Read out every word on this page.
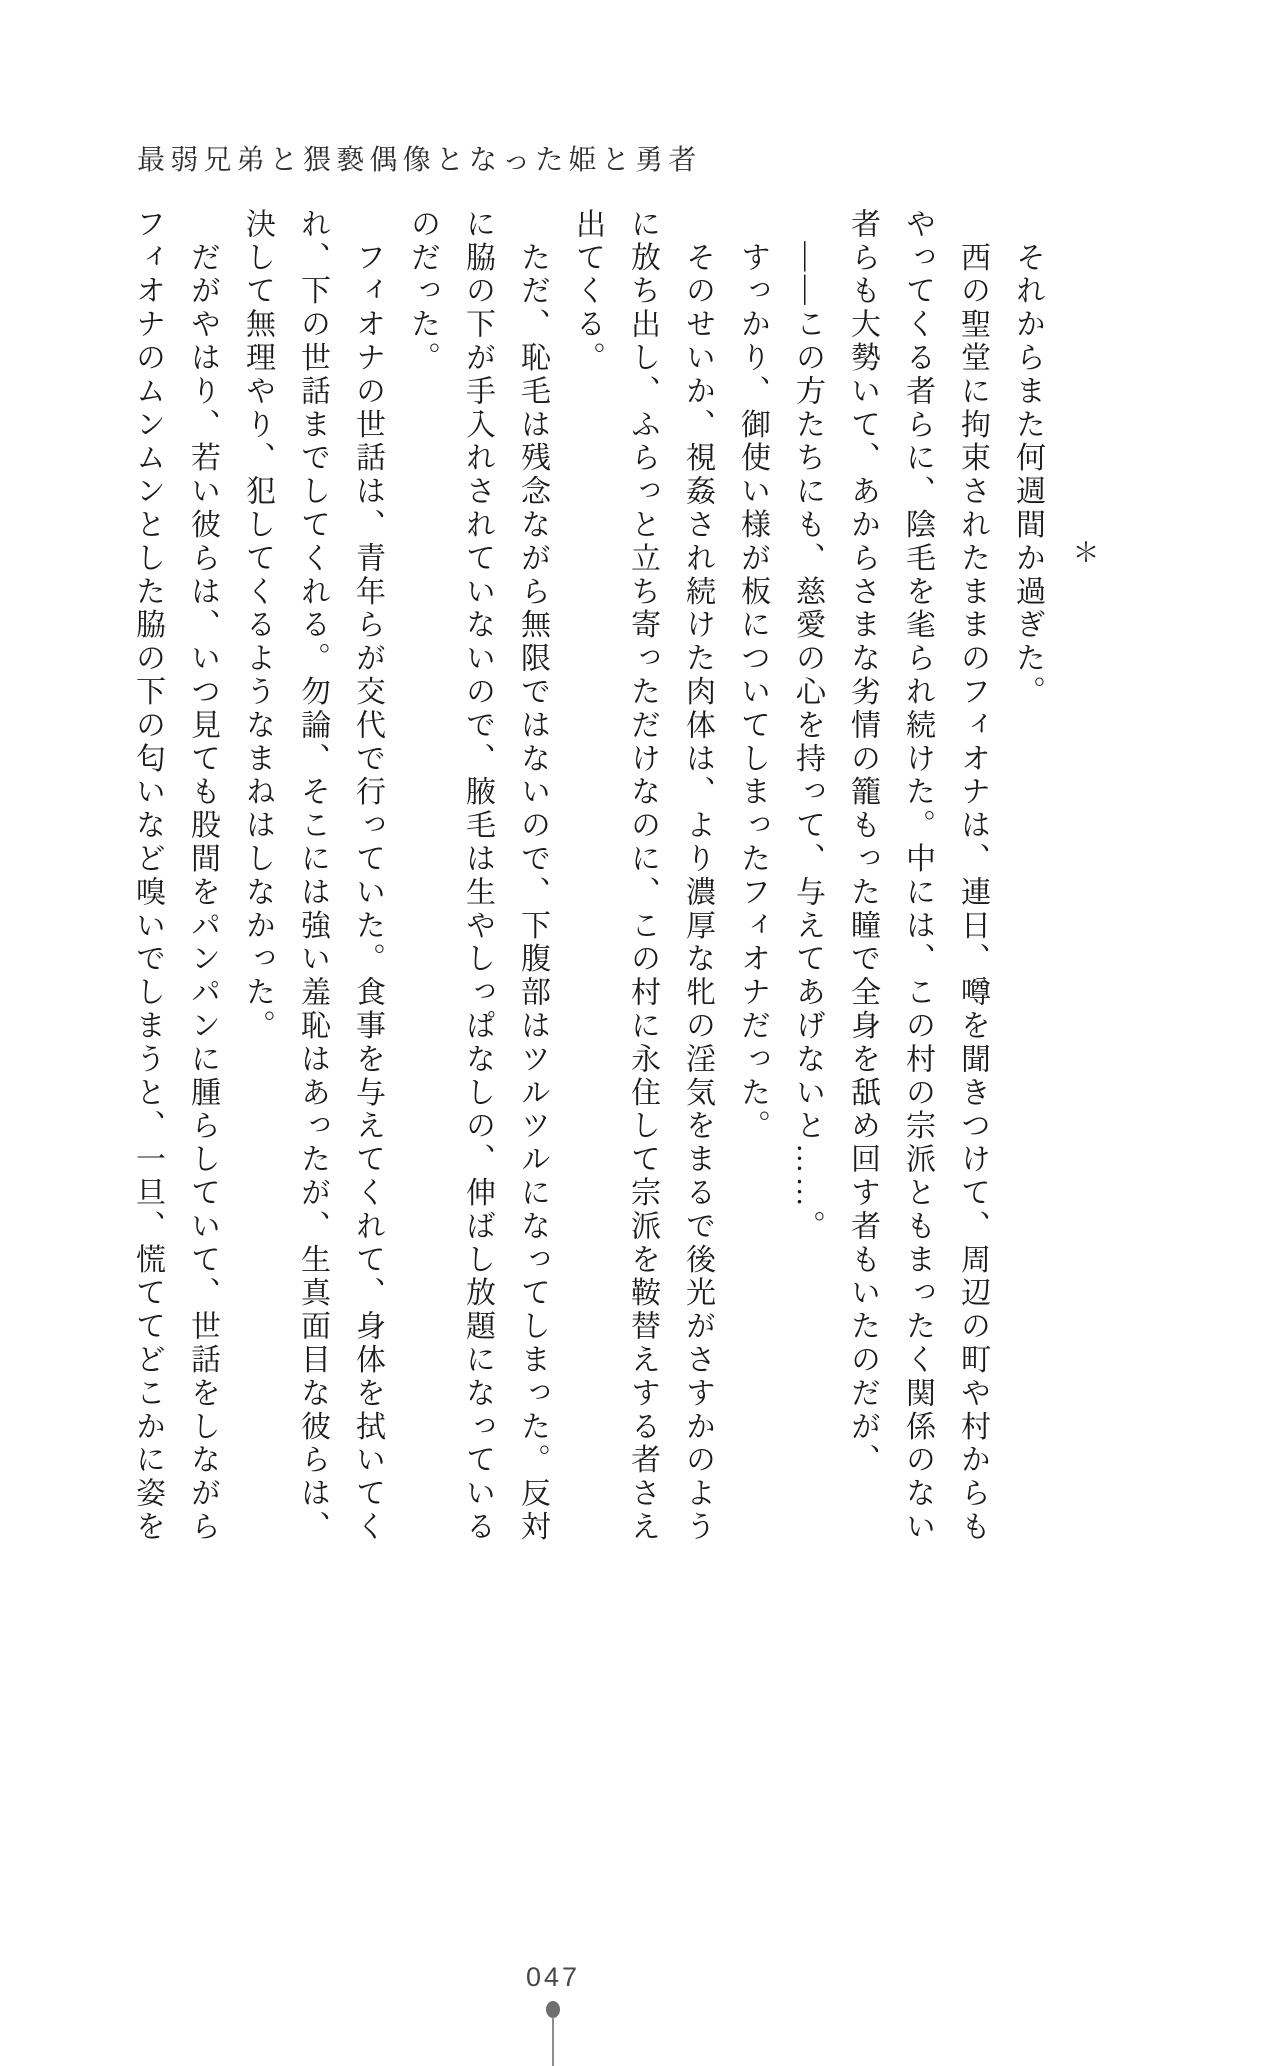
最弱兄弟と猥褻偶像となった姫と勇者
＊

　それからまた何週間か過ぎた。

　西の聖堂に拘束されたままのフィオナは、連日、噂を聞きつけて、周辺の町や村からもやってくる者らに、陰毛を毟られ続けた。中には、この村の宗派ともまったく関係のない者らも大勢いて、あからさまな劣情の籠もった瞳で全身を舐め回す者もいたのだが、

　――この方たちにも、慈愛の心を持って、与えてあげないと……。

　すっかり、御使い様が板についてしまったフィオナだった。

　そのせいか、視姦され続けた肉体は、より濃厚な牝の淫気をまるで後光がさすかのように放ち出し、ふらっと立ち寄っただけなのに、この村に永住して宗派を鞍替えする者さえ出てくる。

　ただ、恥毛は残念ながら無限ではないので、下腹部はツルツルになってしまった。反対に脇の下が手入れされていないので、腋毛は生やしっぱなしの、伸ばし放題になっているのだった。

　フィオナの世話は、青年らが交代で行っていた。食事を与えてくれて、身体を拭いてくれ、下の世話までしてくれる。勿論、そこには強い羞恥はあったが、生真面目な彼らは、決して無理やり、犯してくるようなまねはしなかった。

　だがやはり、若い彼らは、いつ見ても股間をパンパンに腫らしていて、世話をしながらフィオナのムンムンとした脇の下の匂いなど嗅いでしまうと、一旦、慌ててどこかに姿を

047
